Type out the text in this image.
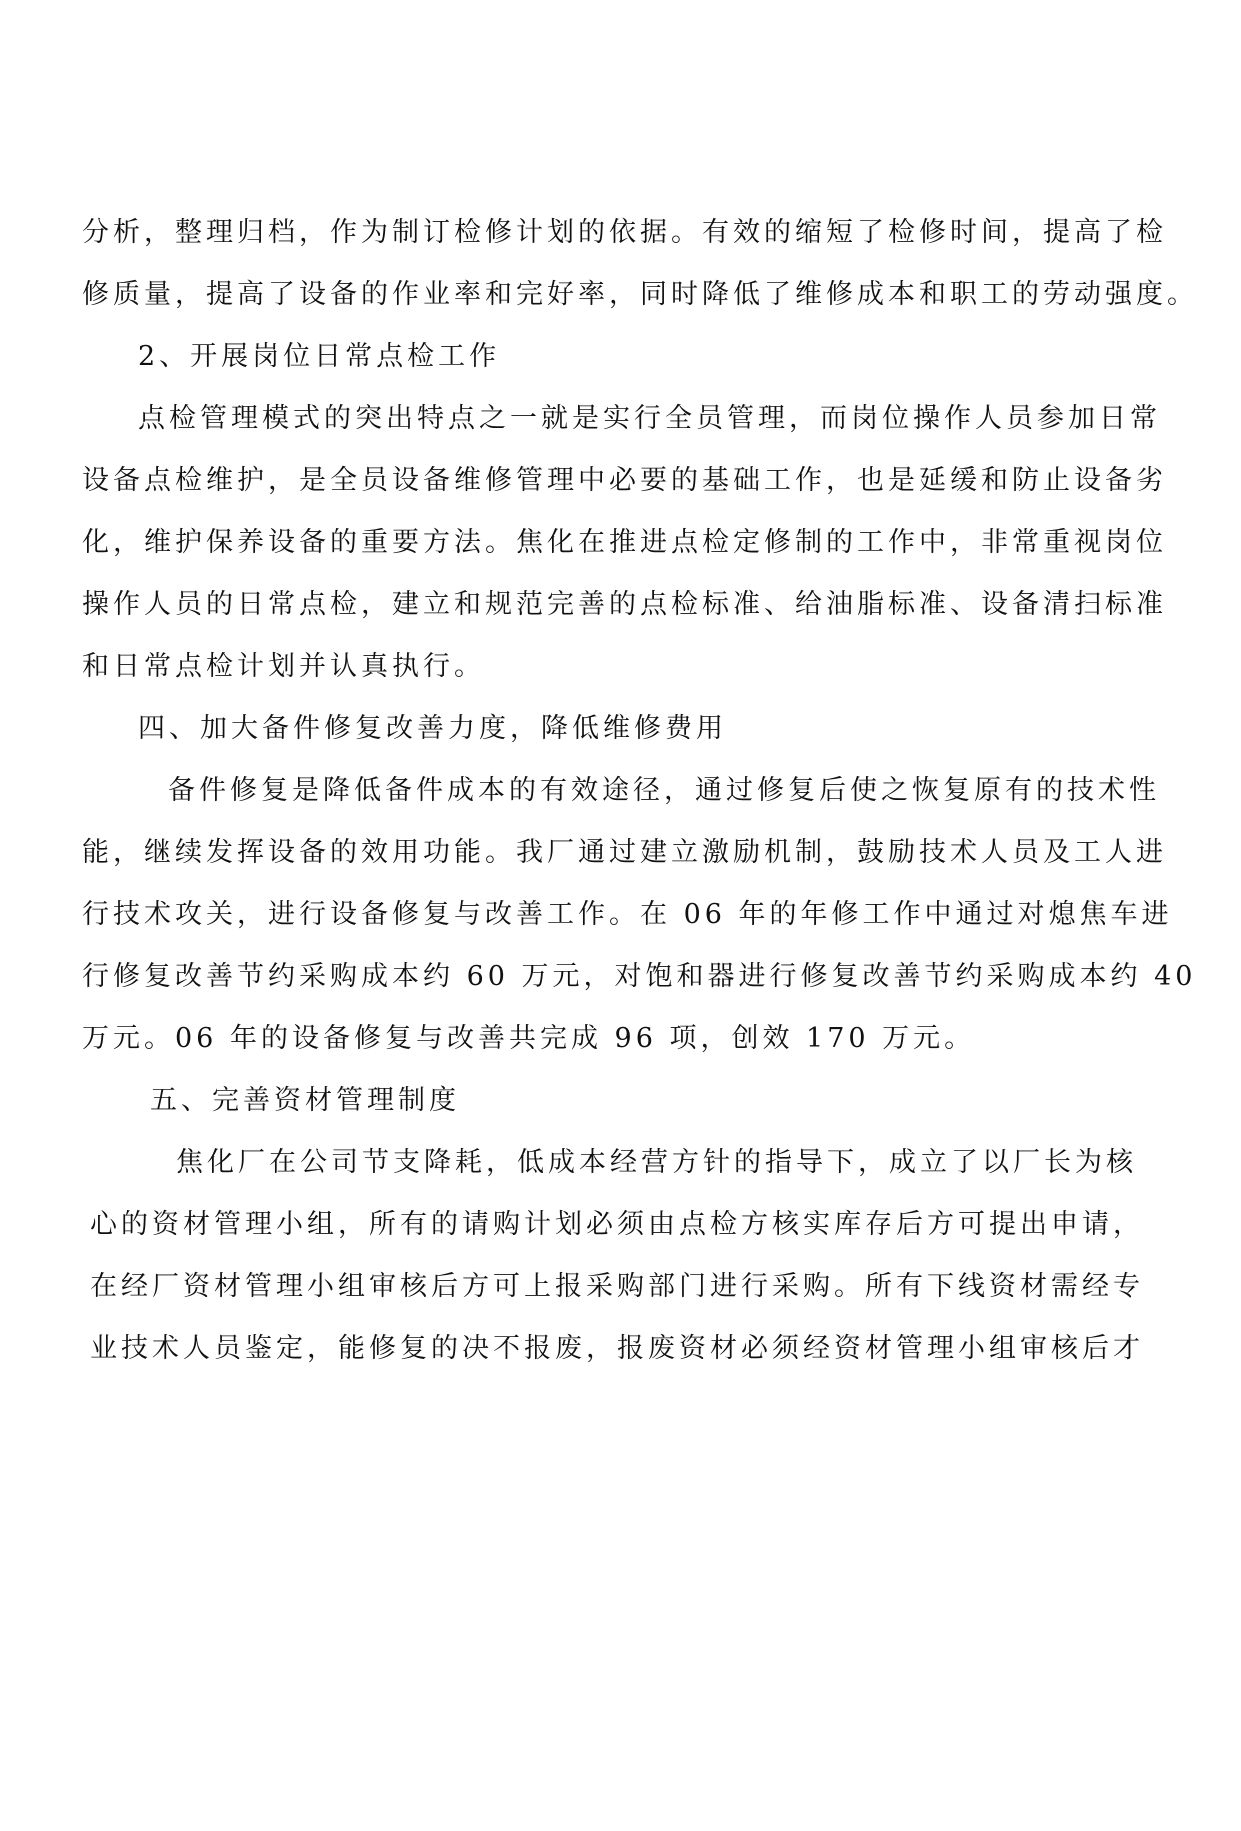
分析，整理归档，作为制订检修计划的依据。有效的缩短了检修时间，提高了检
修质量，提高了设备的作业率和完好率，同时降低了维修成本和职工的劳动强度。
2、开展岗位日常点检工作
点检管理模式的突出特点之一就是实行全员管理，而岗位操作人员参加日常
设备点检维护，是全员设备维修管理中必要的基础工作，也是延缓和防止设备劣
化，维护保养设备的重要方法。焦化在推进点检定修制的工作中，非常重视岗位
操作人员的日常点检，建立和规范完善的点检标准、给油脂标准、设备清扫标准
和日常点检计划并认真执行。
四、加大备件修复改善力度，降低维修费用
备件修复是降低备件成本的有效途径，通过修复后使之恢复原有的技术性
能，继续发挥设备的效用功能。我厂通过建立激励机制，鼓励技术人员及工人进
行技术攻关，进行设备修复与改善工作。在 06 年的年修工作中通过对熄焦车进
行修复改善节约采购成本约 60 万元，对饱和器进行修复改善节约采购成本约 40
万元。06 年的设备修复与改善共完成 96 项，创效 170 万元。
五、完善资材管理制度
焦化厂在公司节支降耗，低成本经营方针的指导下，成立了以厂长为核
心的资材管理小组，所有的请购计划必须由点检方核实库存后方可提出申请，
在经厂资材管理小组审核后方可上报采购部门进行采购。所有下线资材需经专
业技术人员鉴定，能修复的决不报废，报废资材必须经资材管理小组审核后才
